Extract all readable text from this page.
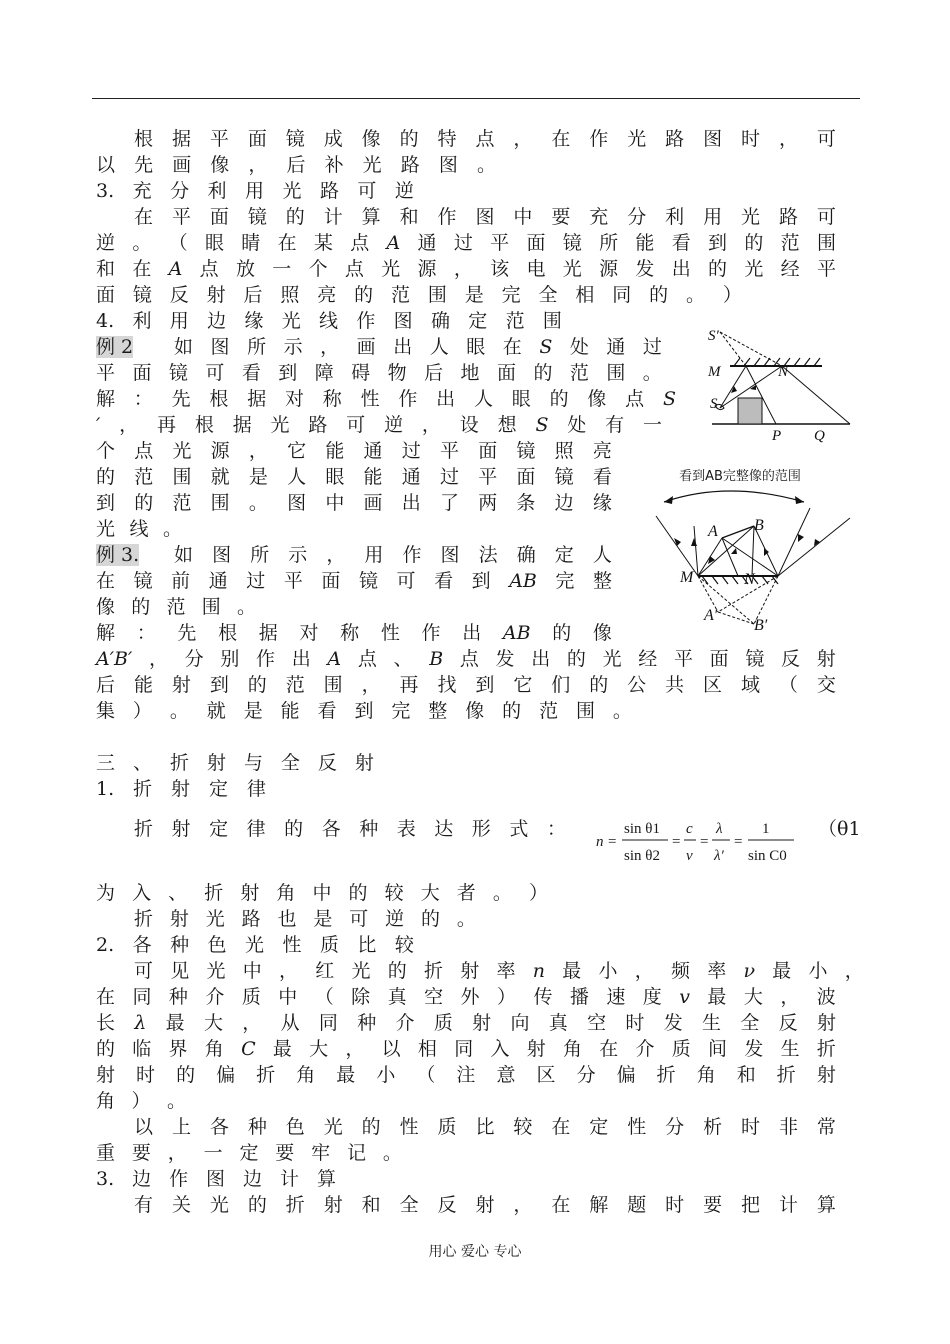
根 据 平 面 镜 成 像 的 特 点 ， 在 作 光 路 图 时 ， 可
以 先 画 像 ， 后 补 光 路 图 。
3. 充 分 利 用 光 路 可 逆
在 平 面 镜 的 计 算 和 作 图 中 要 充 分 利 用 光 路 可
逆 。 （ 眼 睛 在 某 点 A 通 过 平 面 镜 所 能 看 到 的 范 围
和 在 A 点 放 一 个 点 光 源 ， 该 电 光 源 发 出 的 光 经 平
面 镜 反 射 后 照 亮 的 范 围 是 完 全 相 同 的 。 ）
4. 利 用 边 缘 光 线 作 图 确 定 范 围
如 图 所 示 ， 画 出 人 眼 在 S 处 通 过
平 面 镜 可 看 到 障 碍 物 后 地 面 的 范 围 。
解 ： 先 根 据 对 称 性 作 出 人 眼 的 像 点 S
′ ， 再 根 据 光 路 可 逆 ， 设 想 S 处 有 一
个 点 光 源 ， 它 能 通 过 平 面 镜 照 亮
的 范 围 就 是 人 眼 能 通 过 平 面 镜 看
到 的 范 围 。 图 中 画 出 了 两 条 边 缘
光 线 。
如 图 所 示 ， 用 作 图 法 确 定 人
在 镜 前 通 过 平 面 镜 可 看 到 AB 完 整
像 的 范 围 。
解 ： 先 根 据 对 称 性 作 出 AB 的 像
A′B′ ， 分 别 作 出 A 点 、 B 点 发 出 的 光 经 平 面 镜 反 射
后 能 射 到 的 范 围 ， 再 找 到 它 们 的 公 共 区 域 （ 交
集 ） 。 就 是 能 看 到 完 整 像 的 范 围 。
三 、 折 射 与 全 反 射
1. 折 射 定 律
折 射 定 律 的 各 种 表 达 形 式 ：	（ θ1
为 入 、 折 射 角 中 的 较 大 者 。 ）
折 射 光 路 也 是 可 逆 的 。
2. 各 种 色 光 性 质 比 较
可 见 光 中 ， 红 光 的 折 射 率 n 最 小 ， 频 率 ν 最 小 ，
在 同 种 介 质 中 （ 除 真 空 外 ） 传 播 速 度 v 最 大 ， 波
长 λ 最 大 ， 从 同 种 介 质 射 向 真 空 时 发 生 全 反 射
的 临 界 角 C 最 大 ， 以 相 同 入 射 角 在 介 质 间 发 生 折
射 时 的 偏 折 角 最 小 （ 注 意 区 分 偏 折 角 和 折 射
角 ） 。
以 上 各 种 色 光 的 性 质 比 较 在 定 性 分 析 时 非 常
重 要 ， 一 定 要 牢 记 。
3. 边 作 图 边 计 算
有 关 光 的 折 射 和 全 反 射 ， 在 解 题 时 要 把 计 算
例 2
例 3.
n =
sin θ1
sin θ2
=
c
v
=
λ
λ′
=
1
sin C0
S′
M	N
S
P Q
看到AB完整像的范围
A B
M	N
A′
B′
用心 爱心 专心
